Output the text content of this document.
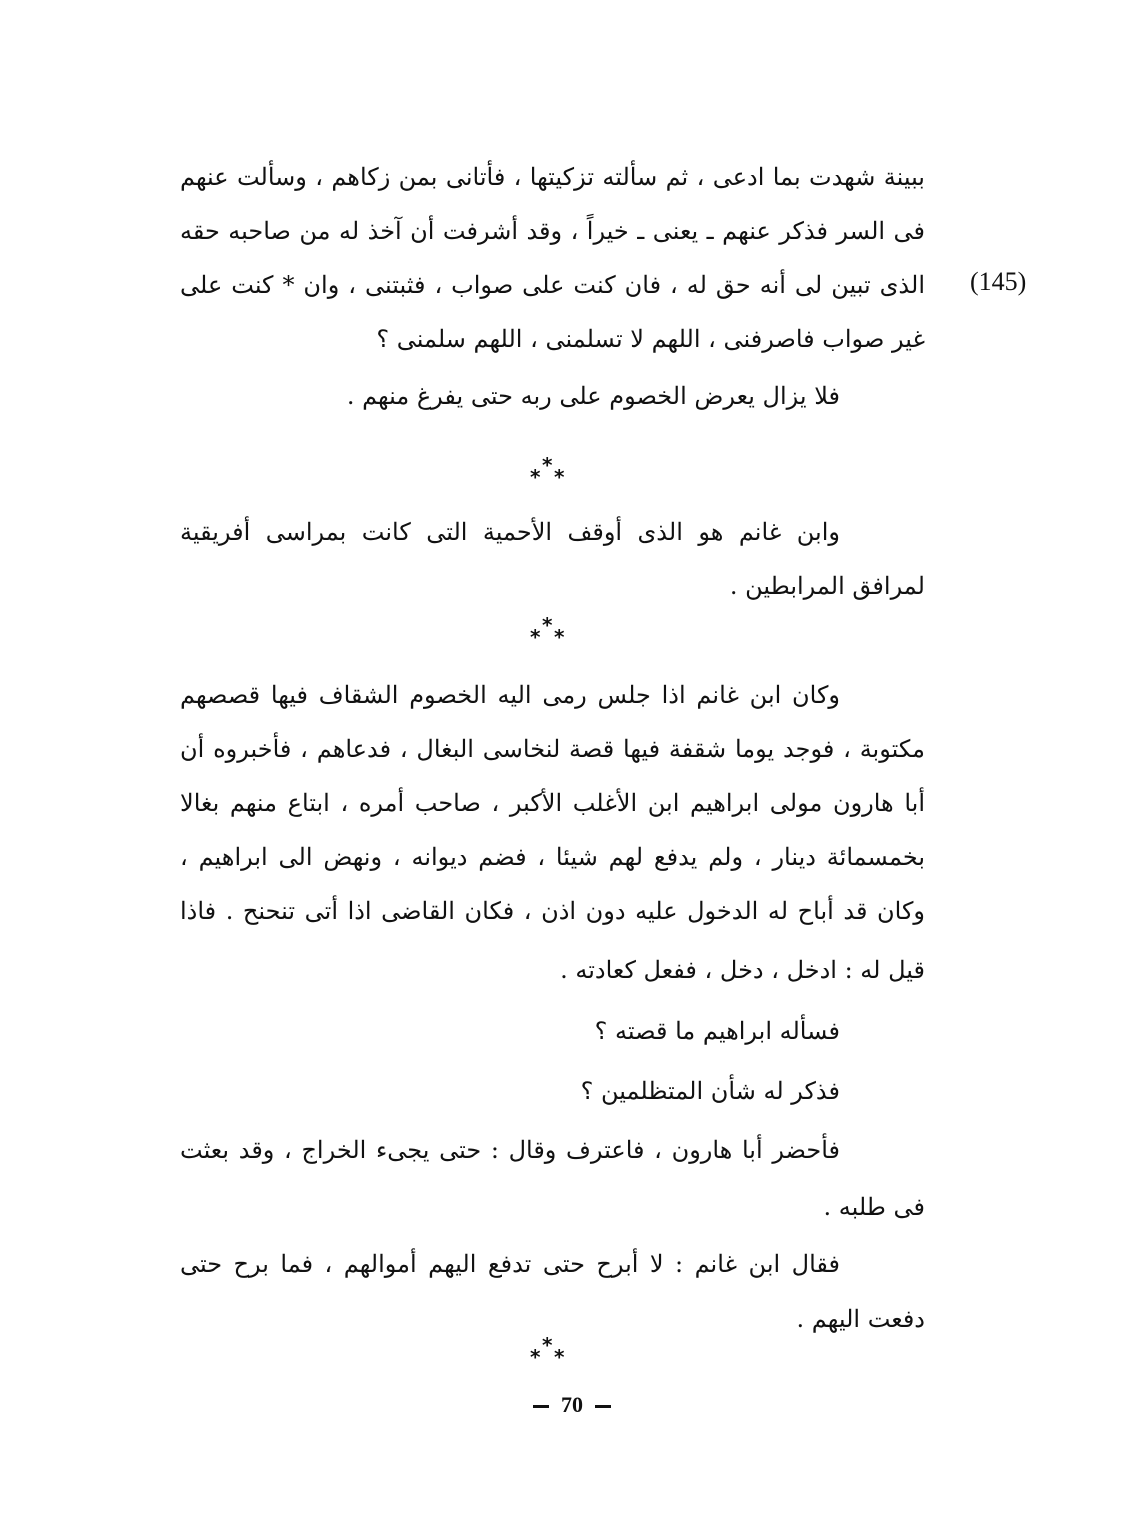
(145)
ببينة شهدت بما ادعى ، ثم سألته تزكيتها ، فأتانى بمن زكاهم ، وسألت عنهم
فى السر فذكر عنهم ـ يعنى ـ خيراً ، وقد أشرفت أن آخذ له من صاحبه حقه
الذى تبين لى أنه حق له ، فان كنت على صواب ، فثبتنى ، وان * كنت على
غير صواب فاصرفنى ، اللهم لا تسلمنى ، اللهم سلمنى ؟
فلا يزال يعرض الخصوم على ربه حتى يفرغ منهم .
*
* *
وابن غانم هو الذى أوقف الأحمية التى كانت بمراسى أفريقية
لمرافق المرابطين .
*
* *
وكان ابن غانم اذا جلس رمى اليه الخصوم الشقاف فيها قصصهم
مكتوبة ، فوجد يوما شقفة فيها قصة لنخاسى البغال ، فدعاهم ، فأخبروه أن
أبا هارون مولى ابراهيم ابن الأغلب الأكبر ، صاحب أمره ، ابتاع منهم بغالا
بخمسمائة دينار ، ولم يدفع لهم شيئا ، فضم ديوانه ، ونهض الى ابراهيم ،
وكان قد أباح له الدخول عليه دون اذن ، فكان القاضى اذا أتى تنحنح . فاذا
قيل له : ادخل ، دخل ، ففعل كعادته .
فسأله ابراهيم ما قصته ؟
فذكر له شأن المتظلمين ؟
فأحضر أبا هارون ، فاعترف وقال : حتى يجىء الخراج ، وقد بعثت
فى طلبه .
فقال ابن غانم : لا أبرح حتى تدفع اليهم أموالهم ، فما برح حتى
دفعت اليهم .
*
* *
70
